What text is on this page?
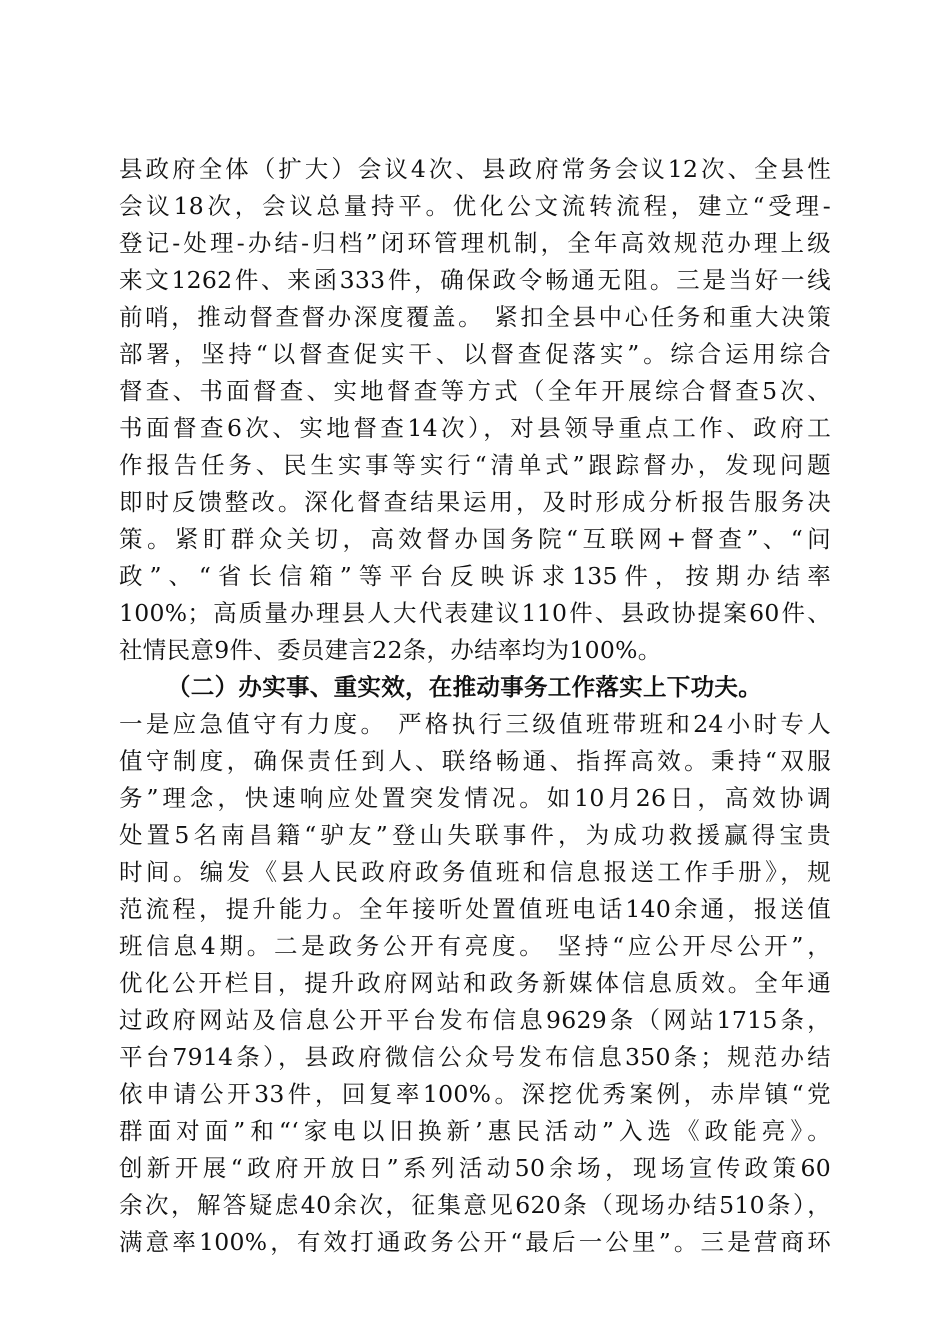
县政府全体（扩大）会议4次、县政府常务会议12次、全县性
会议18次，会议总量持平。优化公文流转流程，建立“受理-
登记-处理-办结-归档”闭环管理机制，全年高效规范办理上级
来文1262件、来函333件，确保政令畅通无阻。三是当好一线
前哨，推动督查督办深度覆盖。 紧扣全县中心任务和重大决策
部署，坚持“以督查促实干、以督查促落实”。综合运用综合
督查、书面督查、实地督查等方式（全年开展综合督查5次、
书面督查6次、实地督查14次），对县领导重点工作、政府工
作报告任务、民生实事等实行“清单式”跟踪督办，发现问题
即时反馈整改。深化督查结果运用，及时形成分析报告服务决
策。紧盯群众关切，高效督办国务院“互联网+督查”、“问
政”、“省长信箱”等平台反映诉求135件，按期办结率
100%；高质量办理县人大代表建议110件、县政协提案60件、
社情民意9件、委员建言22条，办结率均为100%。
（二）办实事、重实效，在推动事务工作落实上下功夫。
一是应急值守有力度。 严格执行三级值班带班和24小时专人
值守制度，确保责任到人、联络畅通、指挥高效。秉持“双服
务”理念，快速响应处置突发情况。如10月26日，高效协调
处置5名南昌籍“驴友”登山失联事件，为成功救援赢得宝贵
时间。编发《县人民政府政务值班和信息报送工作手册》，规
范流程，提升能力。全年接听处置值班电话140余通，报送值
班信息4期。二是政务公开有亮度。 坚持“应公开尽公开”，
优化公开栏目，提升政府网站和政务新媒体信息质效。全年通
过政府网站及信息公开平台发布信息9629条（网站1715条，
平台7914条），县政府微信公众号发布信息350条；规范办结
依申请公开33件，回复率100%。深挖优秀案例，赤岸镇“党
群面对面”和“‘家电以旧换新’惠民活动”入选《政能亮》。
创新开展“政府开放日”系列活动50余场，现场宣传政策60
余次，解答疑虑40余次，征集意见620条（现场办结510条），
满意率100%，有效打通政务公开“最后一公里”。三是营商环
